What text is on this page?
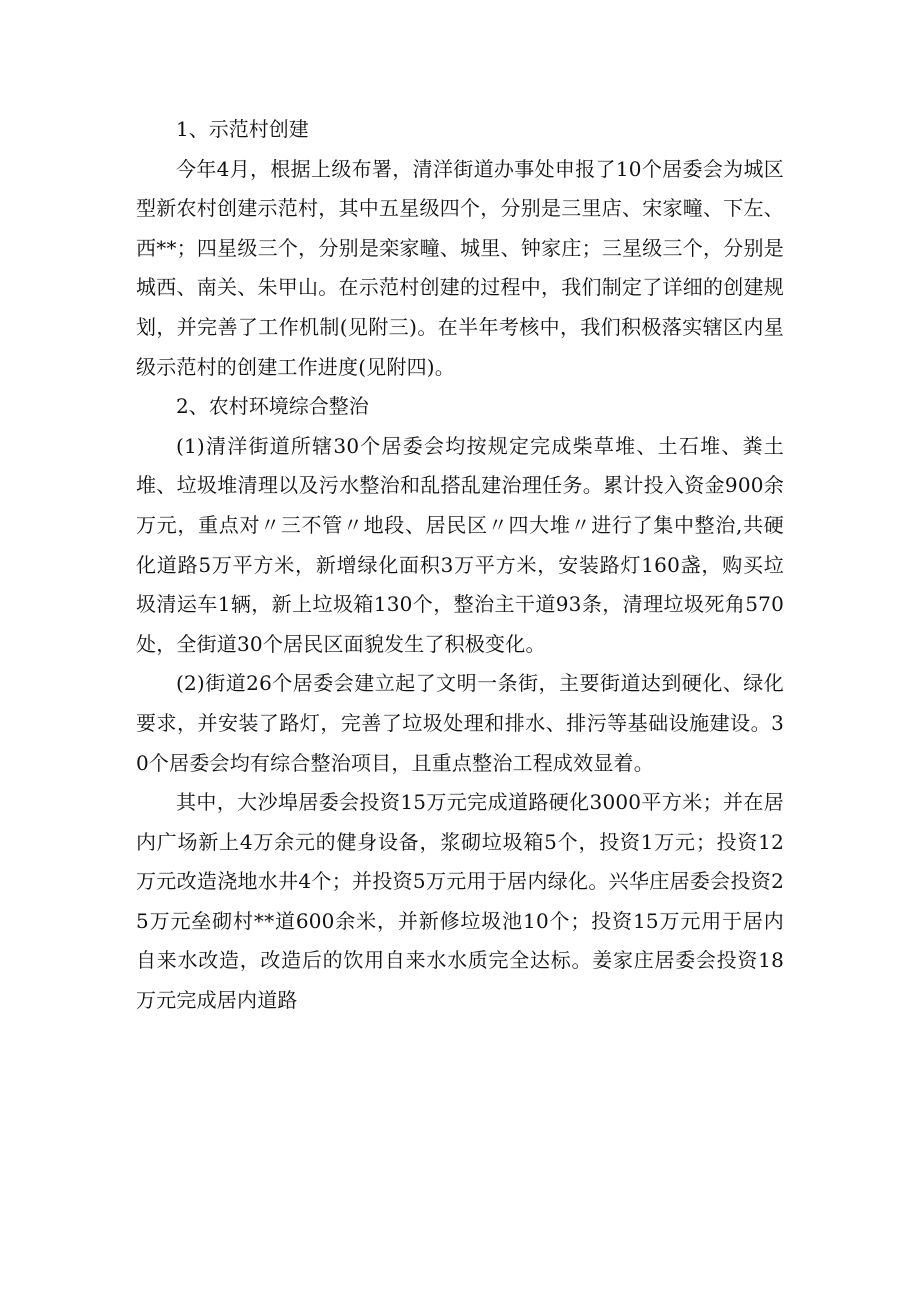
1、示范村创建

今年4月，根据上级布署，清洋街道办事处申报了10个居委会为城区型新农村创建示范村，其中五星级四个，分别是三里店、宋家疃、下左、西**；四星级三个，分别是栾家疃、城里、钟家庄；三星级三个，分别是城西、南关、朱甲山。在示范村创建的过程中，我们制定了详细的创建规划，并完善了工作机制(见附三)。在半年考核中，我们积极落实辖区内星级示范村的创建工作进度(见附四)。

2、农村环境综合整治

(1)清洋街道所辖30个居委会均按规定完成柴草堆、土石堆、粪土堆、垃圾堆清理以及污水整治和乱搭乱建治理任务。累计投入资金900余万元，重点对〃三不管〃地段、居民区〃四大堆〃进行了集中整治,共硬化道路5万平方米，新增绿化面积3万平方米，安装路灯160盏，购买垃圾清运车1辆，新上垃圾箱130个，整治主干道93条，清理垃圾死角570处，全街道30个居民区面貌发生了积极变化。

(2)街道26个居委会建立起了文明一条街，主要街道达到硬化、绿化要求，并安装了路灯，完善了垃圾处理和排水、排污等基础设施建设。30个居委会均有综合整治项目，且重点整治工程成效显着。

其中，大沙埠居委会投资15万元完成道路硬化3000平方米；并在居内广场新上4万余元的健身设备，浆砌垃圾箱5个，投资1万元；投资12万元改造浇地水井4个；并投资5万元用于居内绿化。兴华庄居委会投资25万元垒砌村**道600余米，并新修垃圾池10个；投资15万元用于居内自来水改造，改造后的饮用自来水水质完全达标。姜家庄居委会投资18万元完成居内道路
